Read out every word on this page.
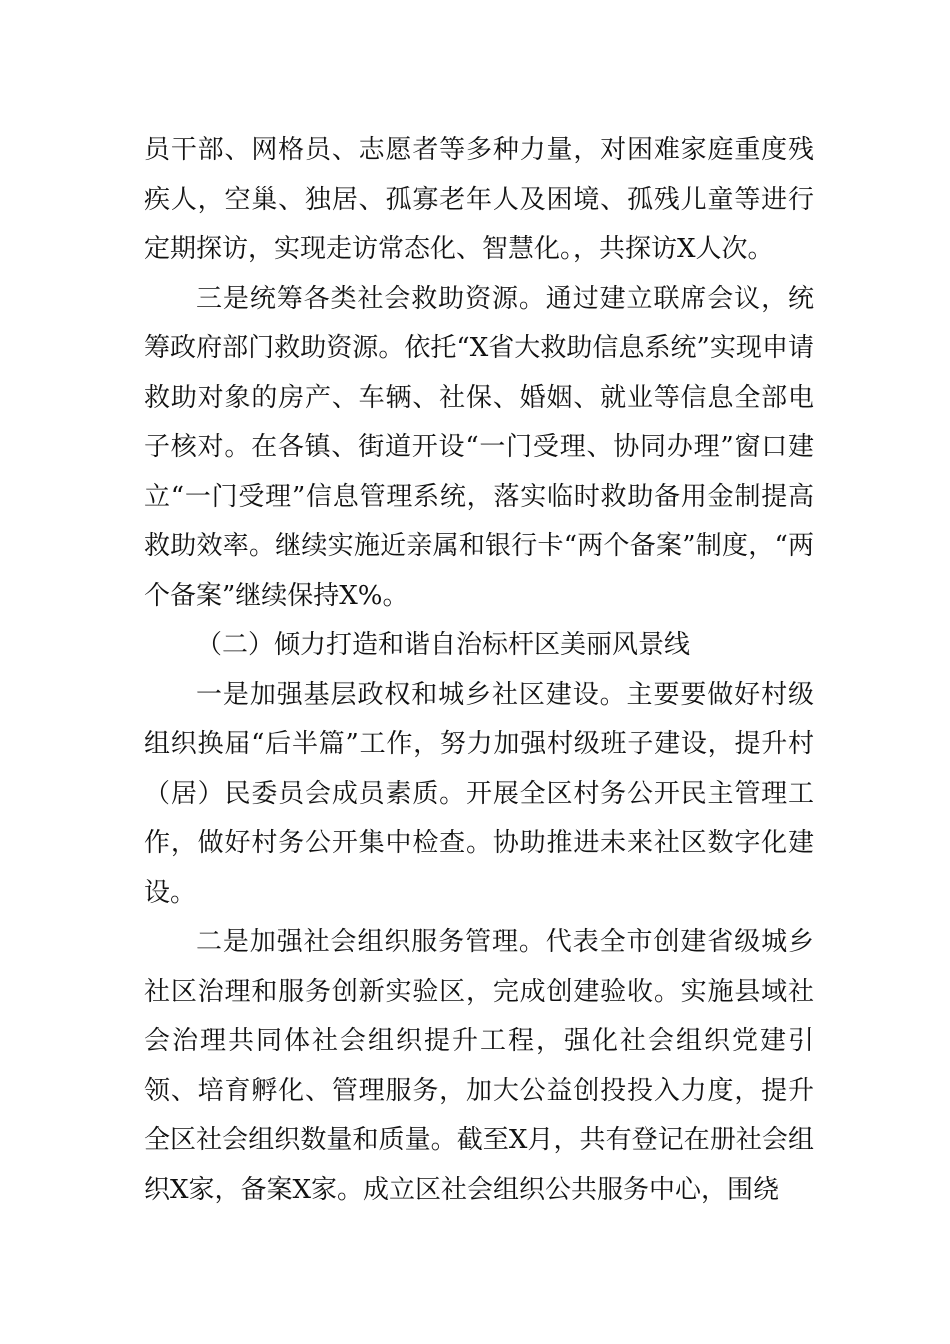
员干部、网格员、志愿者等多种力量，对困难家庭重度残疾人，空巢、独居、孤寡老年人及困境、孤残儿童等进行定期探访，实现走访常态化、智慧化。，共探访X人次。

三是统筹各类社会救助资源。通过建立联席会议，统筹政府部门救助资源。依托“X省大救助信息系统”实现申请救助对象的房产、车辆、社保、婚姻、就业等信息全部电子核对。在各镇、街道开设“一门受理、协同办理”窗口建立“一门受理”信息管理系统，落实临时救助备用金制提高救助效率。继续实施近亲属和银行卡“两个备案”制度，“两个备案”继续保持X%。

（二）倾力打造和谐自治标杆区美丽风景线

一是加强基层政权和城乡社区建设。主要要做好村级组织换届“后半篇”工作，努力加强村级班子建设，提升村（居）民委员会成员素质。开展全区村务公开民主管理工作，做好村务公开集中检查。协助推进未来社区数字化建设。

二是加强社会组织服务管理。代表全市创建省级城乡社区治理和服务创新实验区，完成创建验收。实施县域社会治理共同体社会组织提升工程，强化社会组织党建引领、培育孵化、管理服务，加大公益创投投入力度，提升全区社会组织数量和质量。截至X月，共有登记在册社会组织X家，备案X家。成立区社会组织公共服务中心，围绕
